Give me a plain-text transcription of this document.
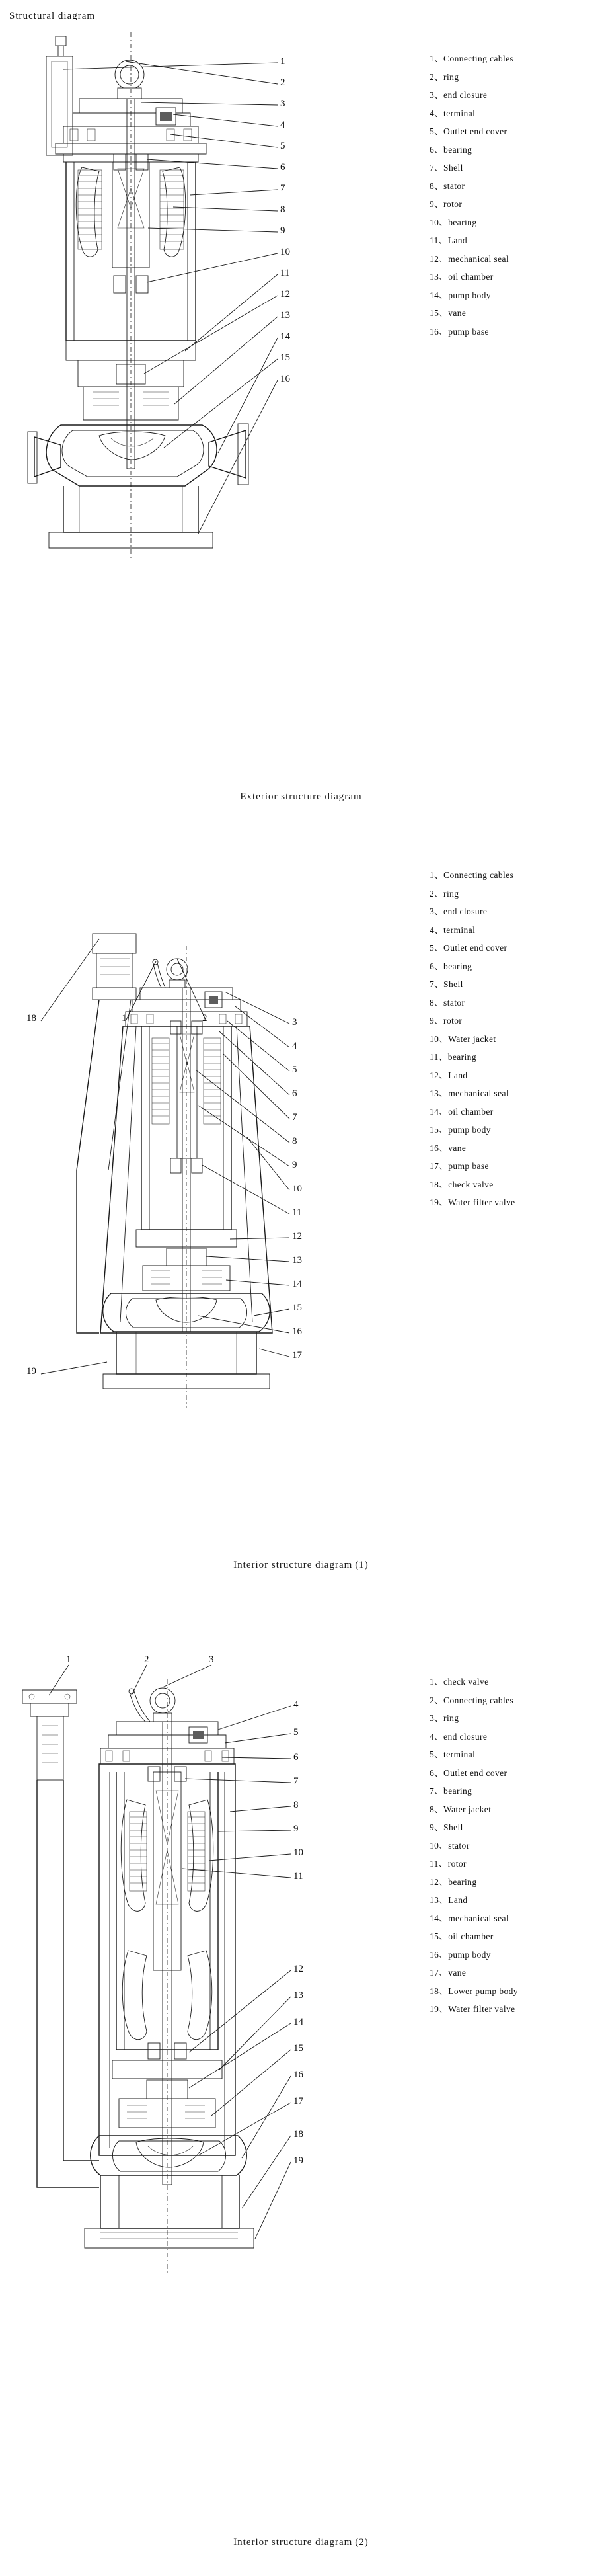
Structural diagram
1
2
3
4
5
6
7
8
9
10
11
12
13
14
15
16
1、Connecting cables
2、ring
3、end closure
4、terminal
5、Outlet end cover
6、bearing
7、Shell
8、stator
9、rotor
10、bearing
11、Land
12、mechanical seal
13、oil chamber
14、pump body
15、vane
16、pump base
Exterior structure diagram
18	1	2	3
4
5
6
7
8
9
10
11
12
13
14
15
16
17
19
1、Connecting cables
2、ring
3、end closure
4、terminal
5、Outlet end cover
6、bearing
7、Shell
8、stator
9、rotor
10、Water jacket
11、bearing
12、Land
13、mechanical seal
14、oil chamber
15、pump body
16、vane
17、pump base
18、check valve
19、Water filter valve
Interior structure diagram (1)
1	2	3
4
5
6
7
8
9
10
11
12
13
14
15
16
17
18
19
1、check valve
2、Connecting cables
3、ring
4、end closure
5、terminal
6、Outlet end cover
7、bearing
8、Water jacket
9、Shell
10、stator
11、rotor
12、bearing
13、Land
14、mechanical seal
15、oil chamber
16、pump body
17、vane
18、Lower pump body
19、Water filter valve
Interior structure diagram (2)
